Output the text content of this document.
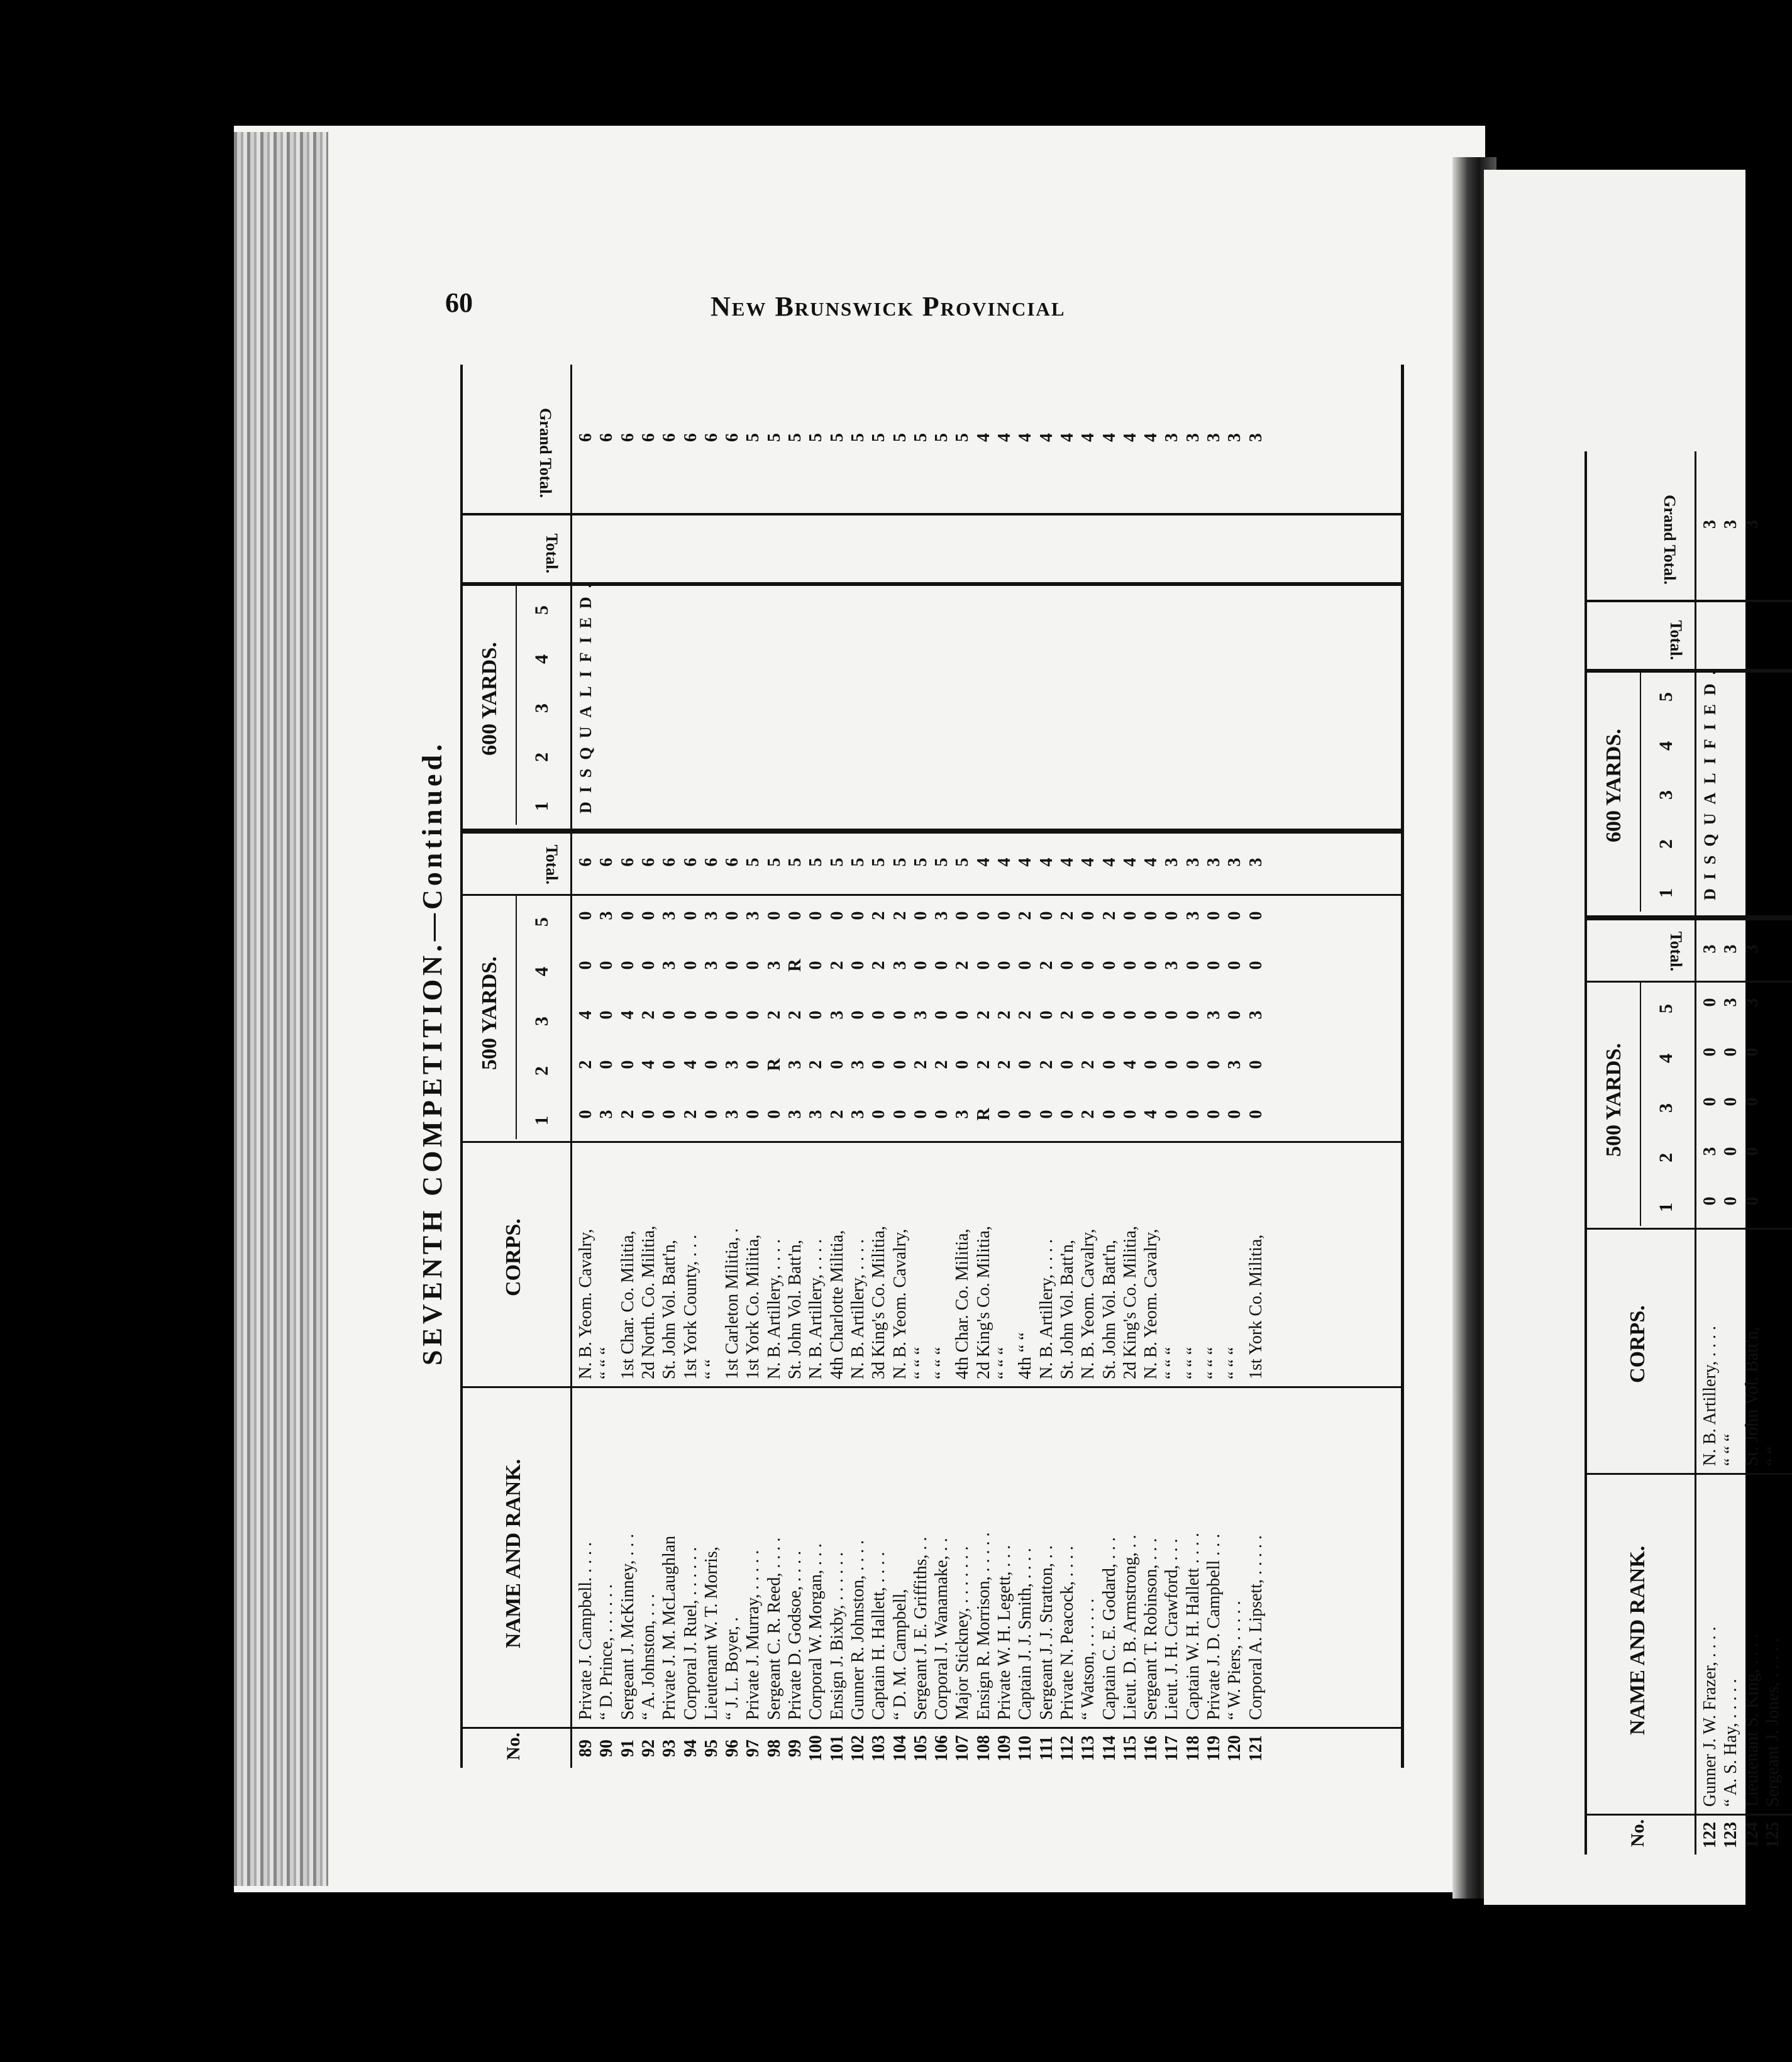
60	New Brunswick Provincial
SEVENTH COMPETITION.—Continued.
No.
NAME AND RANK.
CORPS.
500 YARDS.
600 YARDS.
1
1
2
2
3
3
4
4
5
5
Total.
Total.
Grand Total.
DISQUALIFIED.
89
Private J. Campbell. . . . .
N. B. Yeom. Cavalry,
0
2
4
0
0
6
6
90
“ D. Prince, . . . . . .
“ “ “
3
0
0
0
3
6
6
91
Sergeant J. McKinney, . . .
1st Char. Co. Militia,
2
0
4
0
0
6
6
92
“ A. Johnston, . . .
2d North. Co. Militia,
0
4
2
0
0
6
6
93
Private J. M. McLaughlan
St. John Vol. Batt'n,
0
0
0
3
3
6
6
94
Corporal J. Ruel, . . . . . .
1st York County, . . .
2
4
0
0
0
6
6
95
Lieutenant W. T. Morris,
“ “
0
0
0
3
3
6
6
96
“ J. L. Boyer, .
1st Carleton Militia, .
3
3
0
0
0
6
6
97
Private J. Murray, . . . . .
1st York Co. Militia,
0
0
0
0
3
5
5
98
Sergeant C. R. Reed, . . . .
N. B. Artillery, . . . .
0
R
2
3
0
5
5
99
Private D. Godsoe, . . . .
St. John Vol. Batt'n,
3
3
2
R
0
5
5
100
Corporal W. Morgan, . . .
N. B. Artillery, . . . .
3
2
0
0
0
5
5
101
Ensign J. Bixby, . . . . . .
4th Charlotte Militia,
2
0
3
2
0
5
5
102
Gunner R. Johnston, . . . .
N. B. Artillery, . . . .
3
3
0
0
0
5
5
103
Captain H. Hallett, . . . .
3d King's Co. Militia,
0
0
0
2
2
5
5
104
“ D. M. Campbell,
N. B. Yeom. Cavalry,
0
0
0
3
2
5
5
105
Sergeant J. E. Griffiths, . .
“ “ “
0
2
3
0
0
5
5
106
Corporal J. Wanamake, . .
“ “ “
0
2
0
0
3
5
5
107
Major Stickney, . . . . . . .
4th Char. Co. Militia,
3
0
0
2
0
5
5
108
Ensign R. Morrison, . . . . .
2d King's Co. Militia,
R
2
2
0
0
4
4
109
Private W. H. Legett, . . .
“ “ “
0
2
2
0
0
4
4
110
Captain J. J. Smith, . . . .
4th “ “
0
0
2
0
2
4
4
111
Sergeant J. J. Stratton, . .
N. B. Artillery, . . . .
0
2
0
2
0
4
4
112
Private N. Peacock, . . . .
St. John Vol. Batt'n,
0
0
2
0
2
4
4
113
“ Watson, . . . . . .
N. B. Yeom. Cavalry,
2
2
0
0
0
4
4
114
Captain C. E. Godard, . . .
St. John Vol. Batt'n,
0
0
0
0
2
4
4
115
Lieut. D. B. Armstrong, . .
2d King's Co. Militia,
0
4
0
0
0
4
4
116
Sergeant T. Robinson, . . .
N. B. Yeom. Cavalry,
4
0
0
0
0
4
4
117
Lieut. J. H. Crawford, . . .
“ “ “
0
0
0
3
0
3
3
118
Captain W. H. Hallett . . . .
“ “ “
0
0
0
0
3
3
3
119
Private J. D. Campbell . . .
“ “ “
0
0
3
0
0
3
3
120
“ W. Piers, . . . . .
“ “ “
0
3
0
0
0
3
3
121
Corporal A. Lipsett, . . . . .
1st York Co. Militia,
0
0
3
0
0
3
3
No.
NAME AND RANK.
CORPS.
500 YARDS.
600 YARDS.
1
1
2
2
3
3
4
4
5
5
Total.
Total.
Grand Total.
DISQUALIFIED.
122
Gunner J. W. Frazer, . . . .
N. B. Artillery, . . . .
0
3
0
0
0
3
3
123
“ A. S. Hay, . . . . .
“ “ “
0
0
0
0
3
3
3
124
Lieutenant S. King, . . . .
St. John Vol. Batt'n,
0
0
0
0
3
3
3
125
Sergeant J. Jones, . . . . .
“ “
